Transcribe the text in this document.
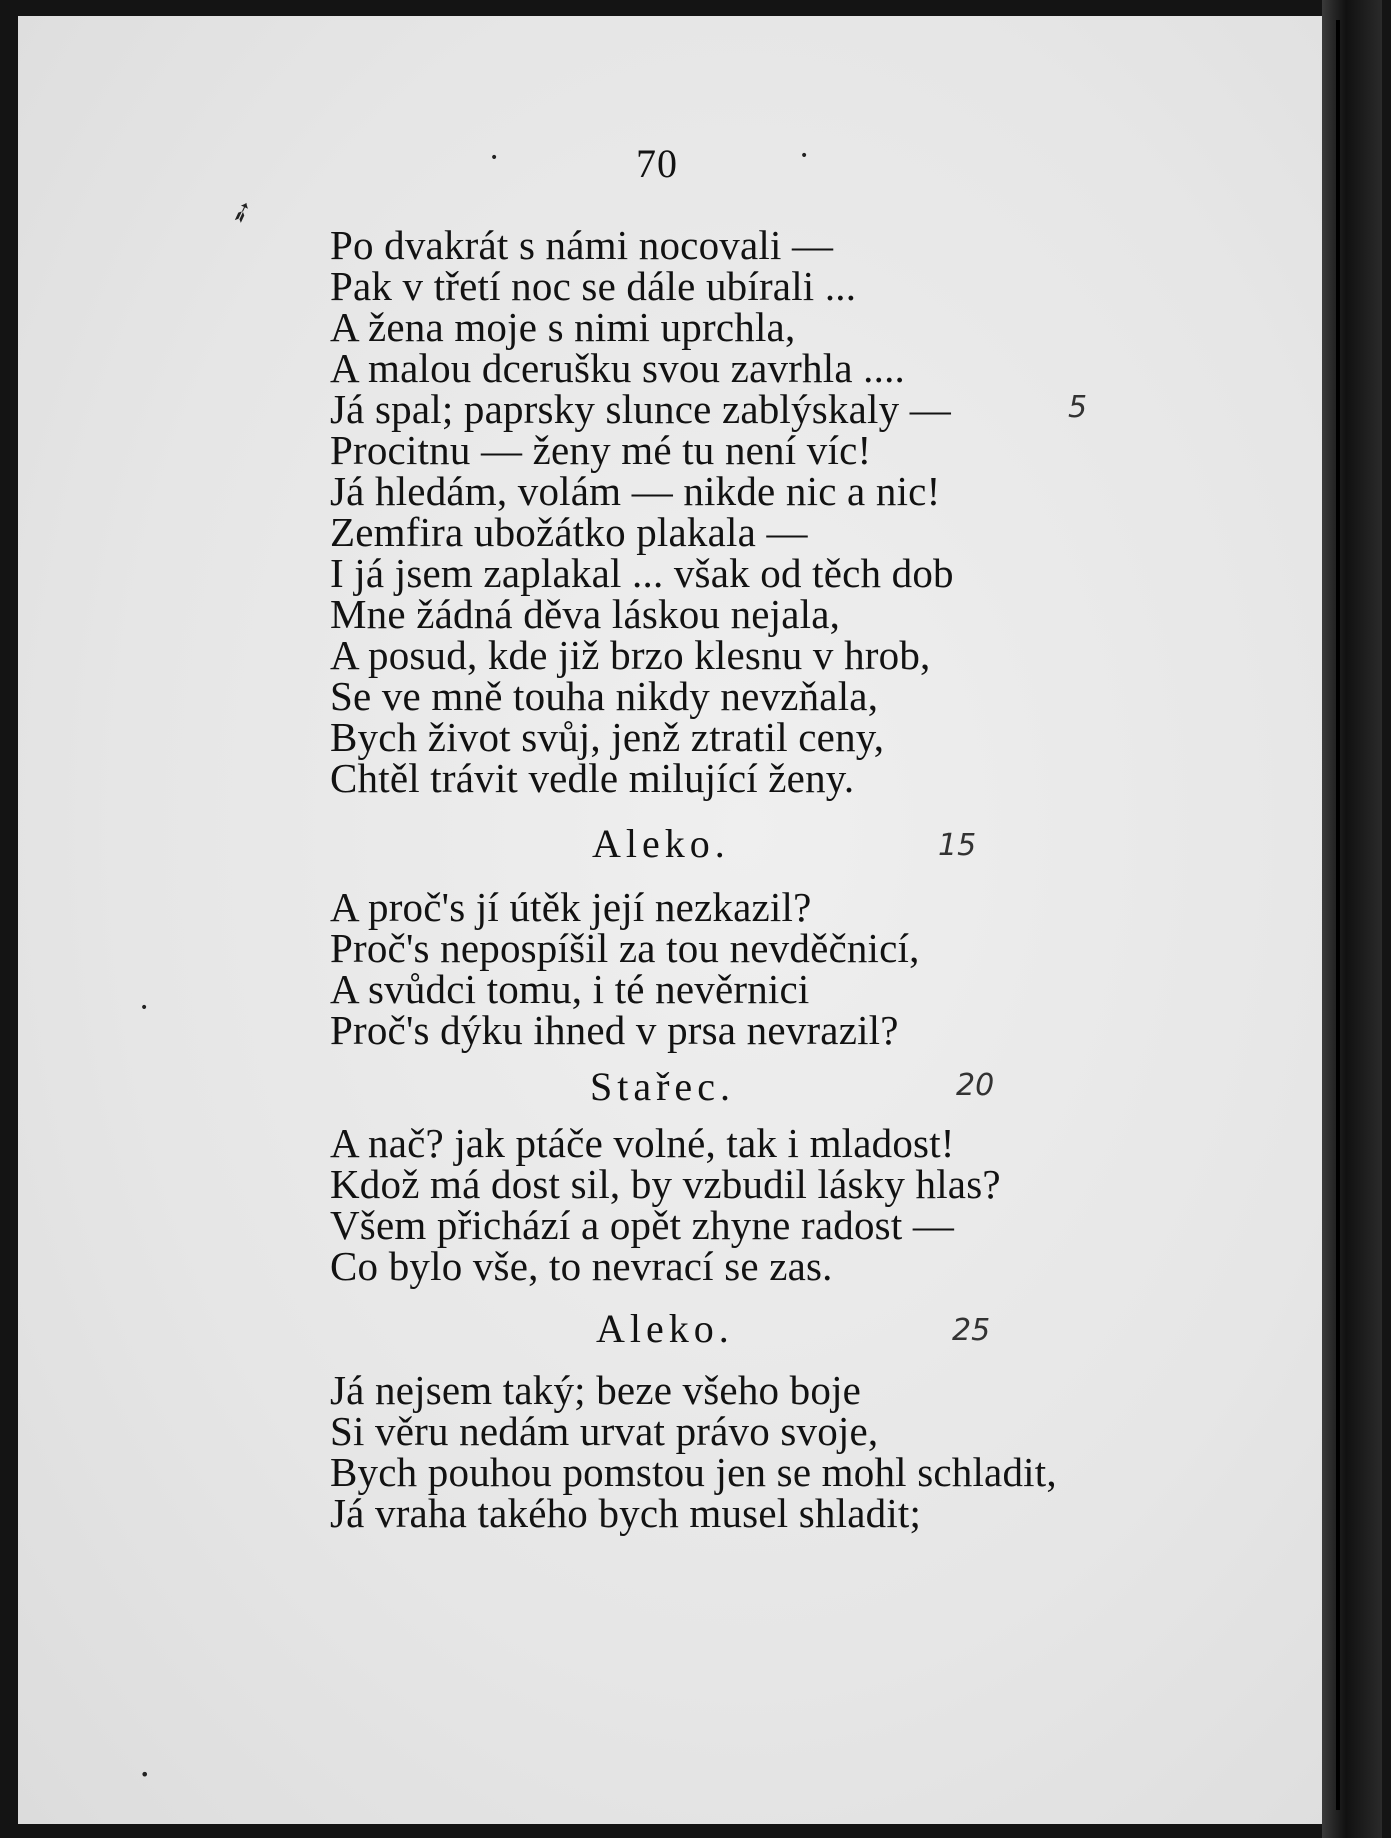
➶
•	•
•
•
70
Po dvakrát s námi nocovali —
Pak v třetí noc se dále ubírali ...
A žena moje s nimi uprchla,
A malou dcerušku svou zavrhla ....
Já spal; paprsky slunce zablýskaly —
Procitnu — ženy mé tu není víc!
Já hledám, volám — nikde nic a nic!
Zemfira ubožátko plakala —
I já jsem zaplakal ... však od těch dob
Mne žádná děva láskou nejala,
A posud, kde již brzo klesnu v hrob,
Se ve mně touha nikdy nevzňala,
Bych život svůj, jenž ztratil ceny,
Chtěl trávit vedle milující ženy.
Aleko.
A proč's jí útěk její nezkazil?
Proč's nepospíšil za tou nevděčnicí,
A svůdci tomu, i té nevěrnici
Proč's dýku ihned v prsa nevrazil?
Stařec.
A nač? jak ptáče volné, tak i mladost!
Kdož má dost sil, by vzbudil lásky hlas?
Všem přichází a opět zhyne radost —
Co bylo vše, to nevrací se zas.
Aleko.
Já nejsem taký; beze všeho boje
Si věru nedám urvat právo svoje,
Bych pouhou pomstou jen se mohl schladit,
Já vraha takého bych musel shladit;
5
15
20
25
